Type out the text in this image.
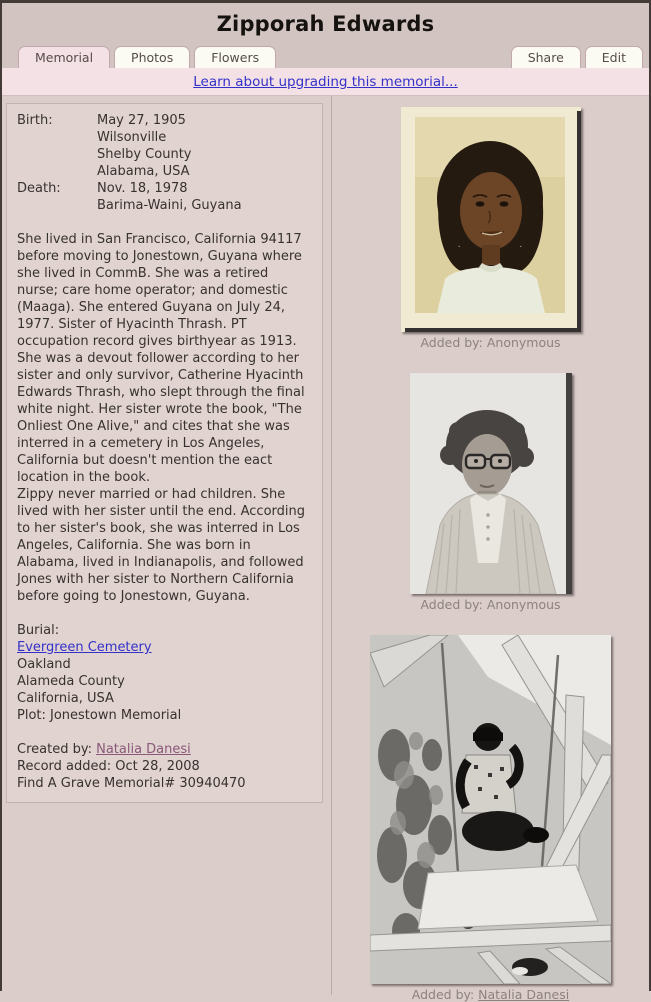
Zipporah Edwards
Memorial	Photos	Flowers	Share	Edit
Learn about upgrading this memorial...
Birth:	May 27, 1905
Wilsonville
Shelby County
Alabama, USA
Death:	Nov. 18, 1978
Barima-Waini, Guyana
She lived in San Francisco, California 94117 before moving to Jonestown, Guyana where she lived in CommB. She was a retired nurse; care home operator; and domestic (Maaga). She entered Guyana on July 24, 1977. Sister of Hyacinth Thrash. PT occupation record gives birthyear as 1913. She was a devout follower according to her sister and only survivor, Catherine Hyacinth Edwards Thrash, who slept through the final white night. Her sister wrote the book, "The Onliest One Alive," and cites that she was interred in a cemetery in Los Angeles, California but doesn't mention the eact location in the book.
Zippy never married or had children. She lived with her sister until the end. According to her sister's book, she was interred in Los Angeles, California. She was born in Alabama, lived in Indianapolis, and followed Jones with her sister to Northern California before going to Jonestown, Guyana.
Burial:
Evergreen Cemetery
Oakland
Alameda County
California, USA
Plot: Jonestown Memorial
Created by: Natalia Danesi
Record added: Oct 28, 2008
Find A Grave Memorial# 30940470
Added by: Anonymous
Added by: Anonymous
Added by: Natalia Danesi
